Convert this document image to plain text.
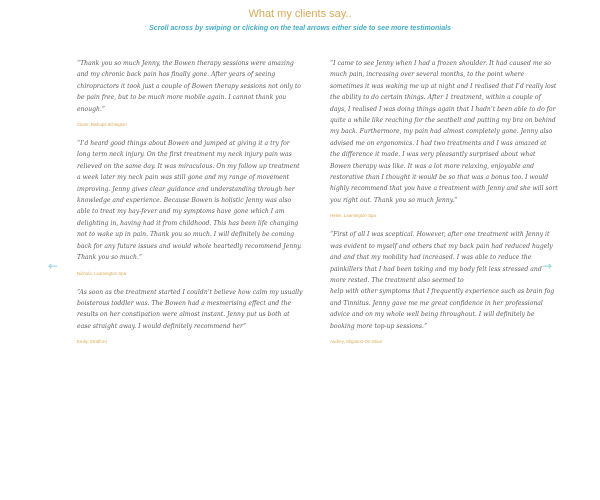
What my clients say..
Scroll across by swiping or clicking on the teal arrows either side to see more testimonials
←	→

“Thank you so much Jenny, the Bowen therapy sessions were amazing and my chronic back pain has finally gone. After years of seeing chiropractors it took just a couple of Bowen therapy sessions not only to be pain free, but to be much more mobile again. I cannot thank you enough.”

Claire, Bishops Itchington

“I’d heard good things about Bowen and jumped at giving it a try for long term neck injury. On the first treatment my neck injury pain was relieved on the same day. It was miraculous. On my follow up treatment a week later my neck pain was still gone and my range of movement improving. Jenny gives clear guidance and understanding through her knowledge and experience. Because Bowen is holistic Jenny was also able to treat my hay-fever and my symptoms have gone which I am delighting in, having had it from childhood. This has been life changing not to wake up in pain. Thank you so much. I will definitely be coming back for any future issues and would whole heartedly recommend Jenny. Thank you so much.”

Nichola, Leamington Spa

“As soon as the treatment started I couldn’t believe how calm my usually boisterous toddler was. The Bowen had a mesmerising effect and the results on her constipation were almost instant. Jenny put us both at ease straight away. I would definitely recommend her”

Emily, Stratford

“I came to see Jenny when I had a frozen shoulder. It had caused me so much pain, increasing over several months, to the point where sometimes it was waking me up at night and I realised that I’d really lost the ability to do certain things. After 1 treatment, within a couple of days, I realised I was doing things again that I hadn’t been able to do for quite a while like reaching for the seatbelt and putting my bra on behind my back. Furthermore, my pain had almost completely gone. Jenny also advised me on ergonomics. I had two treatments and I was amazed at the difference it made. I was very pleasantly surprised about what Bowen therapy was like. It was a lot more relaxing, enjoyable and restorative than I thought it would be so that was a bonus too. I would highly recommend that you have a treatment with Jenny and she will sort you right out. Thank you so much Jenny.”

Helen, Leamington Spa

“First of all I was sceptical. However, after one treatment with Jenny it was evident to myself and others that my back pain had reduced hugely and and that my mobility had increased. I was able to reduce the painkillers that I had been taking and my body felt less stressed and more rested. The treatment also seemed to
help with other symptoms that I frequently experience such as brain fog and Tinnitus. Jenny gave me me great confidence in her professional advice and on my whole well being throughout. I will definitely be booking more top-up sessions.”

Audrey, Shipston-On-Stour
